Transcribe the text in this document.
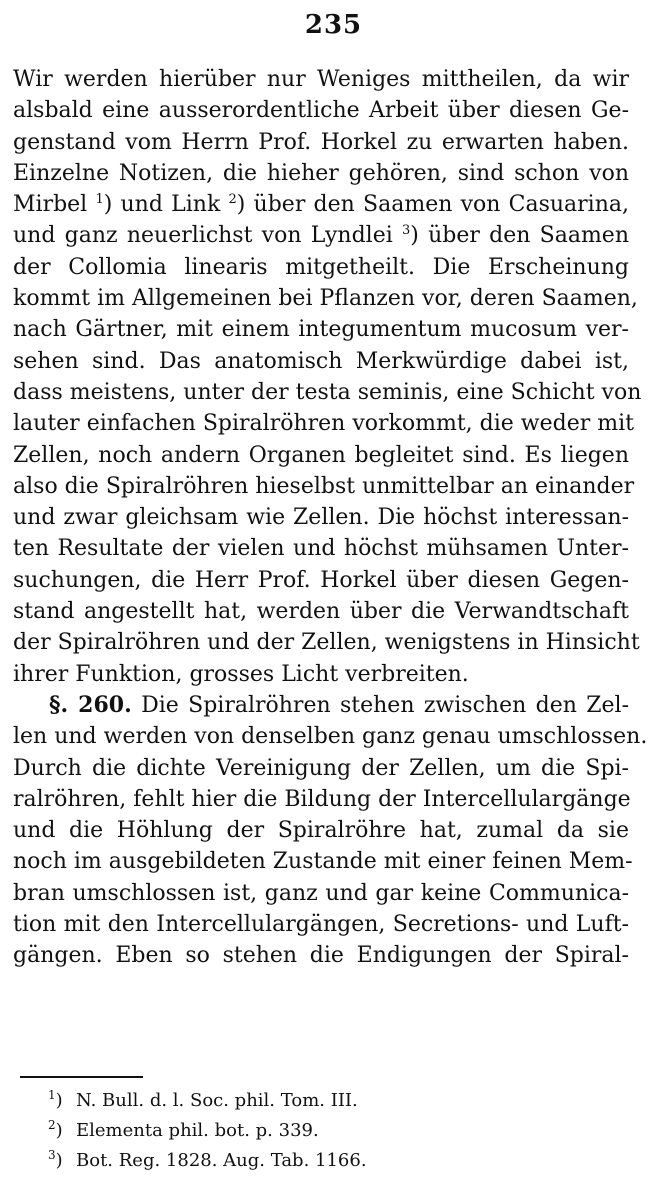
235
Wir werden hierüber nur Weniges mittheilen, da wir
alsbald eine ausserordentliche Arbeit über diesen Ge-
genstand vom Herrn Prof. Horkel zu erwarten haben.
Einzelne Notizen, die hieher gehören, sind schon von
Mirbel $^1$) und Link $^2$) über den Saamen von Casuarina,
und ganz neuerlichst von Lyndlei $^3$) über den Saamen
der Collomia linearis mitgetheilt. Die Erscheinung
kommt im Allgemeinen bei Pflanzen vor, deren Saamen,
nach Gärtner, mit einem integumentum mucosum ver-
sehen sind. Das anatomisch Merkwürdige dabei ist,
dass meistens, unter der testa seminis, eine Schicht von
lauter einfachen Spiralröhren vorkommt, die weder mit
Zellen, noch andern Organen begleitet sind. Es liegen
also die Spiralröhren hieselbst unmittelbar an einander
und zwar gleichsam wie Zellen. Die höchst interessan-
ten Resultate der vielen und höchst mühsamen Unter-
suchungen, die Herr Prof. Horkel über diesen Gegen-
stand angestellt hat, werden über die Verwandtschaft
der Spiralröhren und der Zellen, wenigstens in Hinsicht
ihrer Funktion, grosses Licht verbreiten.
§. 260. Die Spiralröhren stehen zwischen den Zel-
len und werden von denselben ganz genau umschlossen.
Durch die dichte Vereinigung der Zellen, um die Spi-
ralröhren, fehlt hier die Bildung der Intercellulargänge
und die Höhlung der Spiralröhre hat, zumal da sie
noch im ausgebildeten Zustande mit einer feinen Mem-
bran umschlossen ist, ganz und gar keine Communica-
tion mit den Intercellulargängen, Secretions- und Luft-
gängen. Eben so stehen die Endigungen der Spiral-
$^1$) N. Bull. d. l. Soc. phil. Tom. III.
$^2$) Elementa phil. bot. p. 339.
$^3$) Bot. Reg. 1828. Aug. Tab. 1166.
